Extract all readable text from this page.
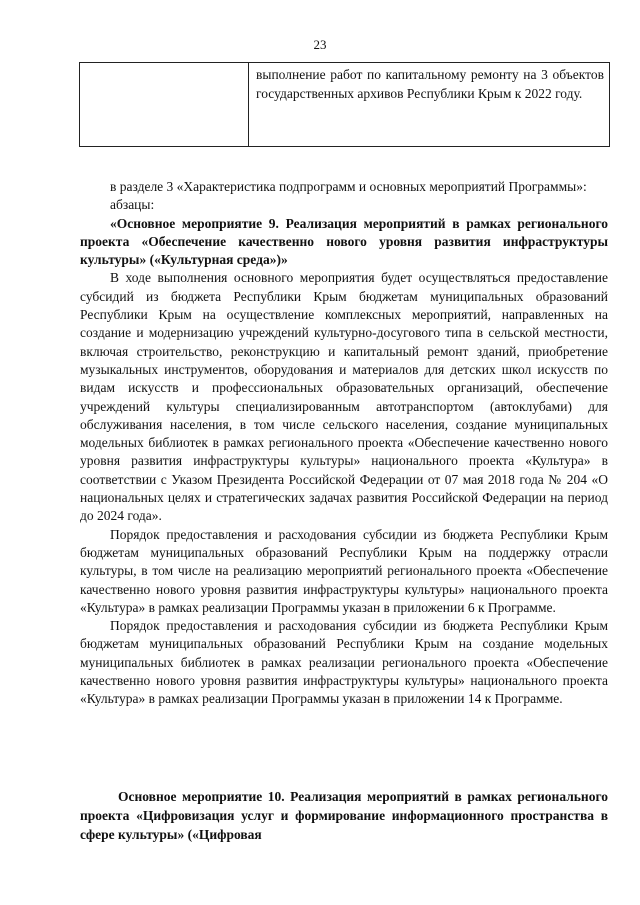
23
выполнение работ по капитальному ремонту на 3 объектов государственных архивов Республики Крым к 2022 году.

в разделе 3 «Характеристика подпрограмм и основных мероприятий Программы»:

абзацы:

«Основное мероприятие 9. Реализация мероприятий в рамках регионального проекта «Обеспечение качественно нового уровня развития инфраструктуры культуры» («Культурная среда»)»

В ходе выполнения основного мероприятия будет осуществляться предоставление субсидий из бюджета Республики Крым бюджетам муниципальных образований Республики Крым на осуществление комплексных мероприятий, направленных на создание и модернизацию учреждений культурно-досугового типа в сельской местности, включая строительство, реконструкцию и капитальный ремонт зданий, приобретение музыкальных инструментов, оборудования и материалов для детских школ искусств по видам искусств и профессиональных образовательных организаций, обеспечение учреждений культуры специализированным автотранспортом (автоклубами) для обслуживания населения, в том числе сельского населения, создание муниципальных модельных библиотек в рамках регионального проекта «Обеспечение качественно нового уровня развития инфраструктуры культуры» национального проекта «Культура» в соответствии с Указом Президента Российской Федерации от 07 мая 2018 года № 204 «О национальных целях и стратегических задачах развития Российской Федерации на период до 2024 года».

Порядок предоставления и расходования субсидии из бюджета Республики Крым бюджетам муниципальных образований Республики Крым на поддержку отрасли культуры, в том числе на реализацию мероприятий регионального проекта «Обеспечение качественно нового уровня развития инфраструктуры культуры» национального проекта «Культура» в рамках реализации Программы указан в приложении 6 к Программе.

Порядок предоставления и расходования субсидии из бюджета Республики Крым бюджетам муниципальных образований Республики Крым на создание модельных муниципальных библиотек в рамках реализации регионального проекта «Обеспечение качественно нового уровня развития инфраструктуры культуры» национального проекта «Культура» в рамках реализации Программы указан в приложении 14 к Программе.

Основное мероприятие 10. Реализация мероприятий в рамках регионального проекта «Цифровизация услуг и формирование информационного пространства в сфере культуры» («Цифровая
